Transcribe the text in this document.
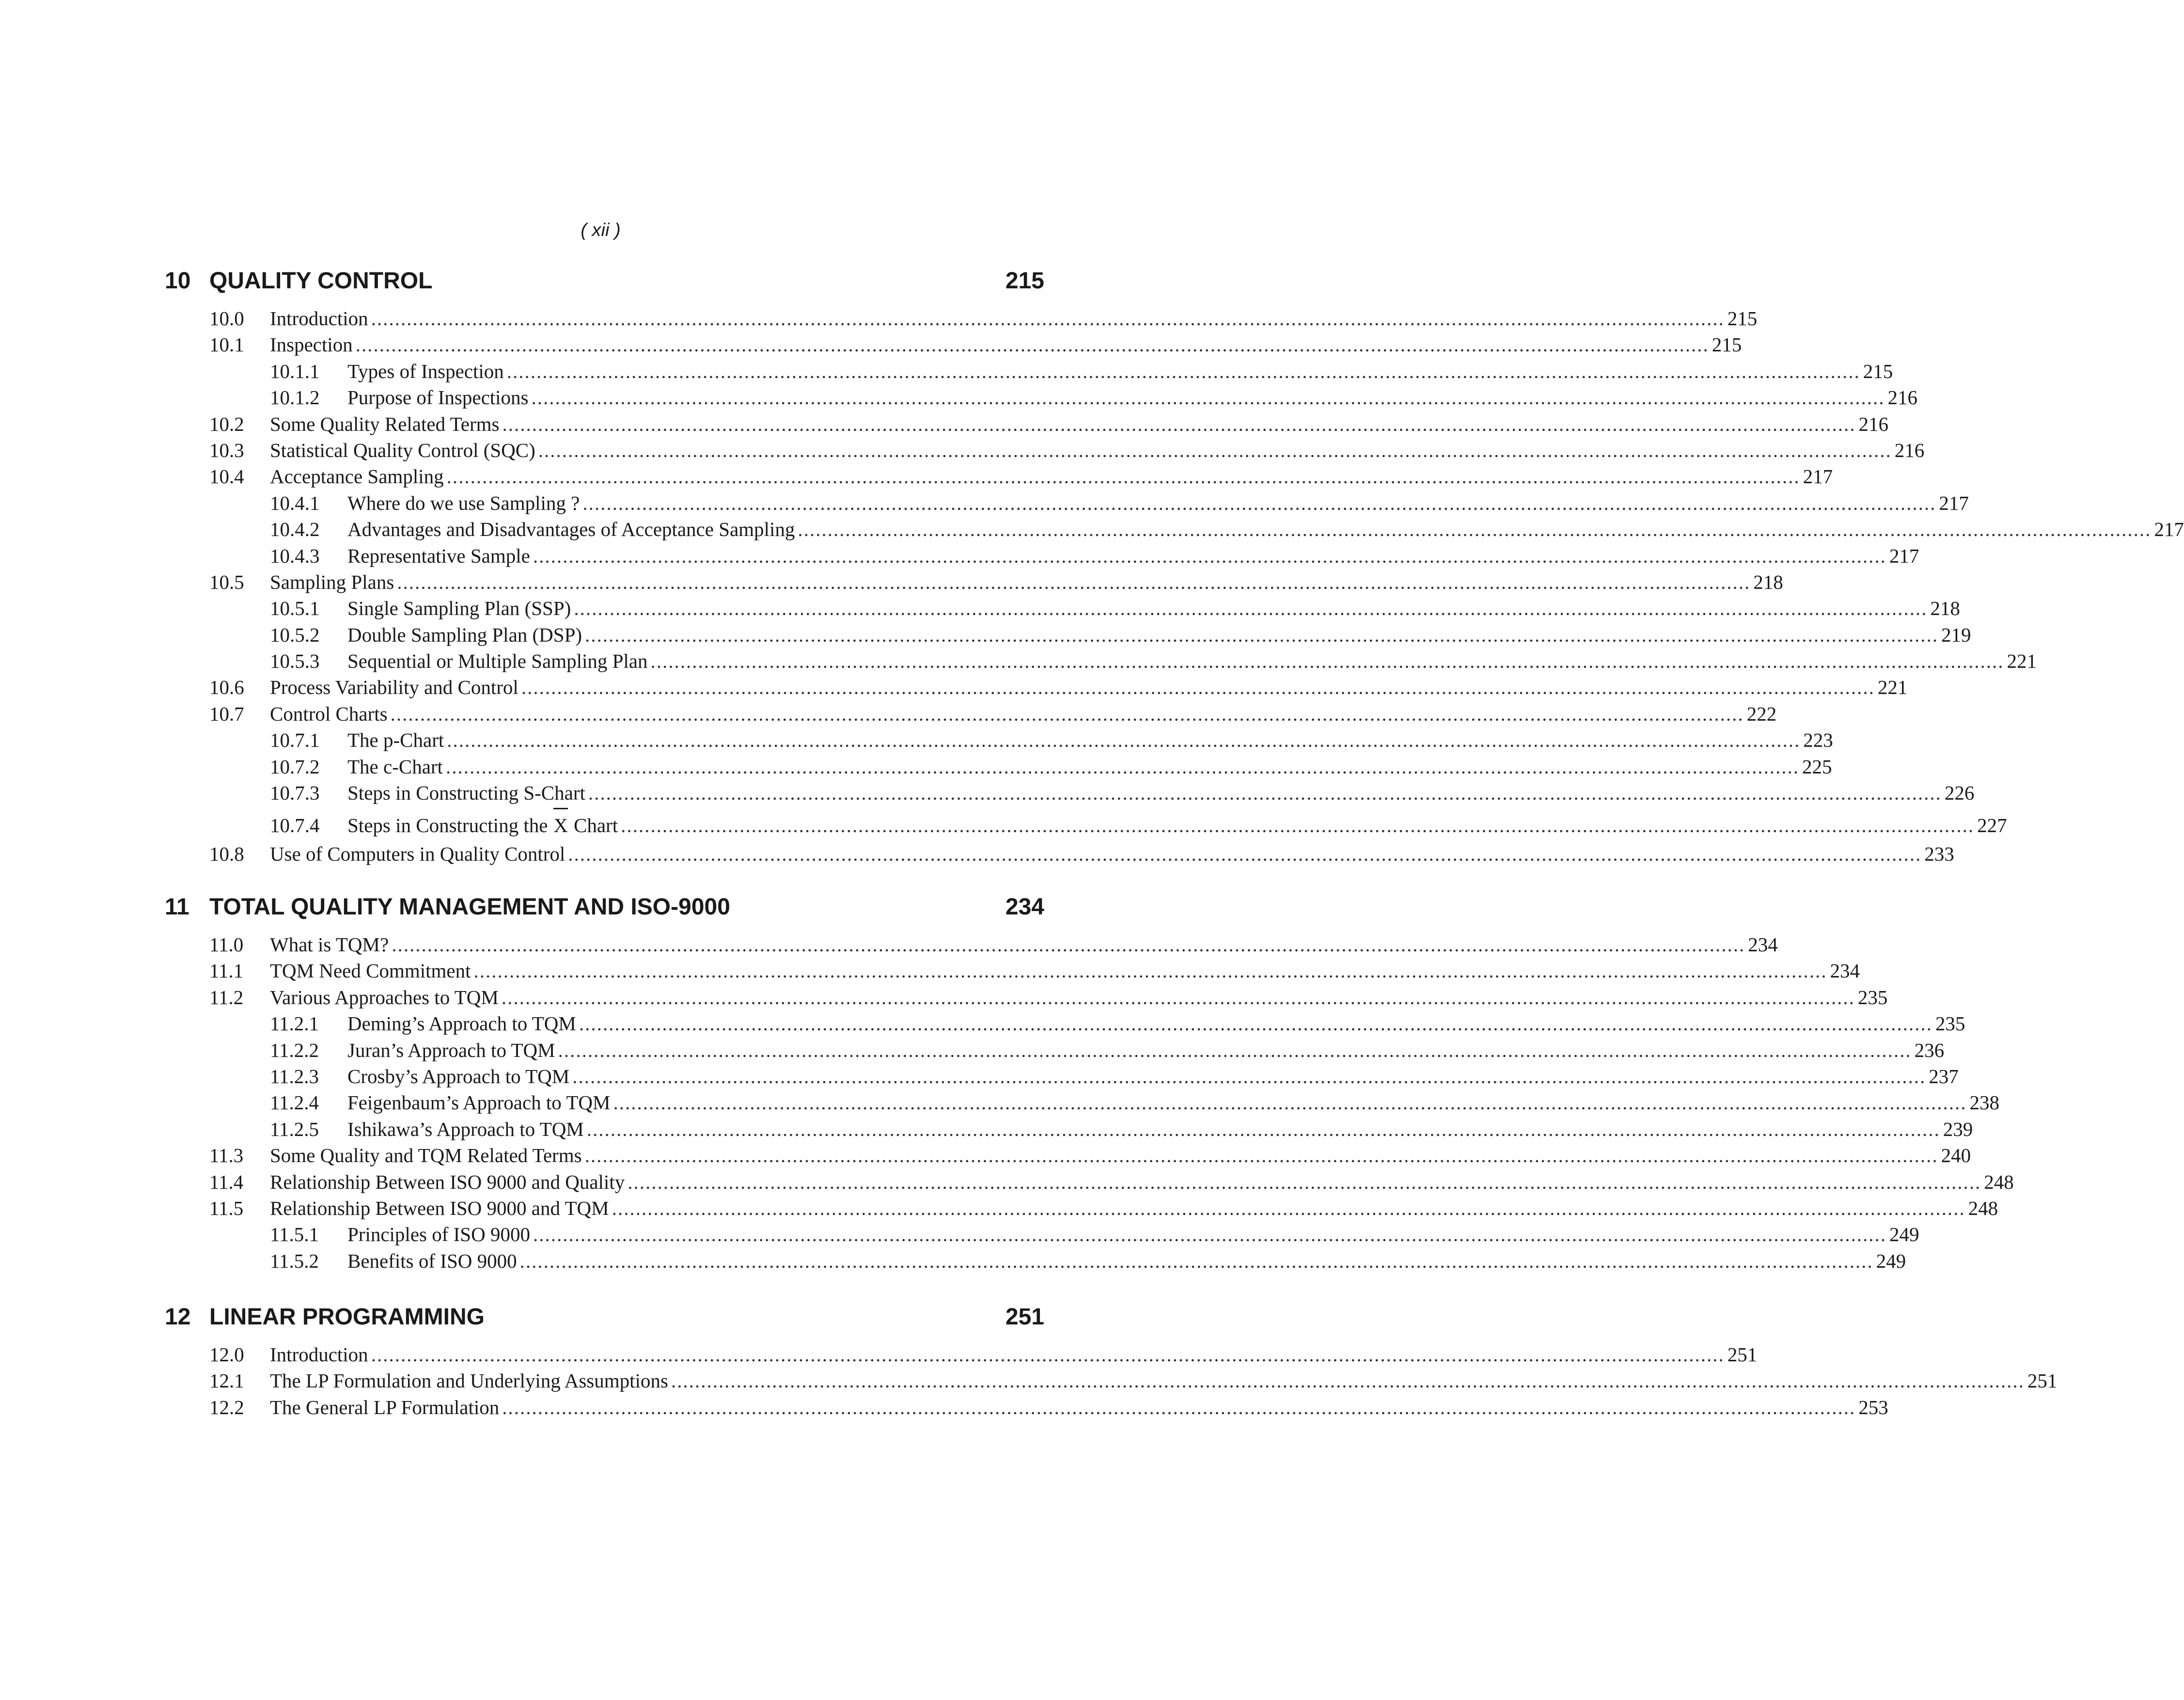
( xii )
10 QUALITY CONTROL	215
10.0	Introduction .................................................................................................................................................................................................................................... 215
10.1	Inspection .................................................................................................................................................................................................................................... 215
10.1.1	Types of Inspection .................................................................................................................................................................................................................................... 215
10.1.2	Purpose of Inspections .................................................................................................................................................................................................................................... 216
10.2	Some Quality Related Terms .................................................................................................................................................................................................................................... 216
10.3	Statistical Quality Control (SQC) .................................................................................................................................................................................................................................... 216
10.4	Acceptance Sampling .................................................................................................................................................................................................................................... 217
10.4.1	Where do we use Sampling ? .................................................................................................................................................................................................................................... 217
10.4.2	Advantages and Disadvantages of Acceptance Sampling .................................................................................................................................................................................................................................... 217
10.4.3	Representative Sample .................................................................................................................................................................................................................................... 217
10.5	Sampling Plans .................................................................................................................................................................................................................................... 218
10.5.1	Single Sampling Plan (SSP) .................................................................................................................................................................................................................................... 218
10.5.2	Double Sampling Plan (DSP) .................................................................................................................................................................................................................................... 219
10.5.3	Sequential or Multiple Sampling Plan .................................................................................................................................................................................................................................... 221
10.6	Process Variability and Control .................................................................................................................................................................................................................................... 221
10.7	Control Charts .................................................................................................................................................................................................................................... 222
10.7.1	The p-Chart .................................................................................................................................................................................................................................... 223
10.7.2	The c-Chart .................................................................................................................................................................................................................................... 225
10.7.3	Steps in Constructing S-Chart .................................................................................................................................................................................................................................... 226
10.7.4	Steps in Constructing the X Chart .................................................................................................................................................................................................................................... 227
10.8	Use of Computers in Quality Control .................................................................................................................................................................................................................................... 233
11 TOTAL QUALITY MANAGEMENT AND ISO-9000	234
11.0	What is TQM? .................................................................................................................................................................................................................................... 234
11.1	TQM Need Commitment .................................................................................................................................................................................................................................... 234
11.2	Various Approaches to TQM .................................................................................................................................................................................................................................... 235
11.2.1	Deming’s Approach to TQM .................................................................................................................................................................................................................................... 235
11.2.2	Juran’s Approach to TQM .................................................................................................................................................................................................................................... 236
11.2.3	Crosby’s Approach to TQM .................................................................................................................................................................................................................................... 237
11.2.4	Feigenbaum’s Approach to TQM .................................................................................................................................................................................................................................... 238
11.2.5	Ishikawa’s Approach to TQM .................................................................................................................................................................................................................................... 239
11.3	Some Quality and TQM Related Terms .................................................................................................................................................................................................................................... 240
11.4	Relationship Between ISO 9000 and Quality .................................................................................................................................................................................................................................... 248
11.5	Relationship Between ISO 9000 and TQM .................................................................................................................................................................................................................................... 248
11.5.1	Principles of ISO 9000 .................................................................................................................................................................................................................................... 249
11.5.2	Benefits of ISO 9000 .................................................................................................................................................................................................................................... 249
12 LINEAR PROGRAMMING	251
12.0	Introduction .................................................................................................................................................................................................................................... 251
12.1	The LP Formulation and Underlying Assumptions .................................................................................................................................................................................................................................... 251
12.2	The General LP Formulation .................................................................................................................................................................................................................................... 253
